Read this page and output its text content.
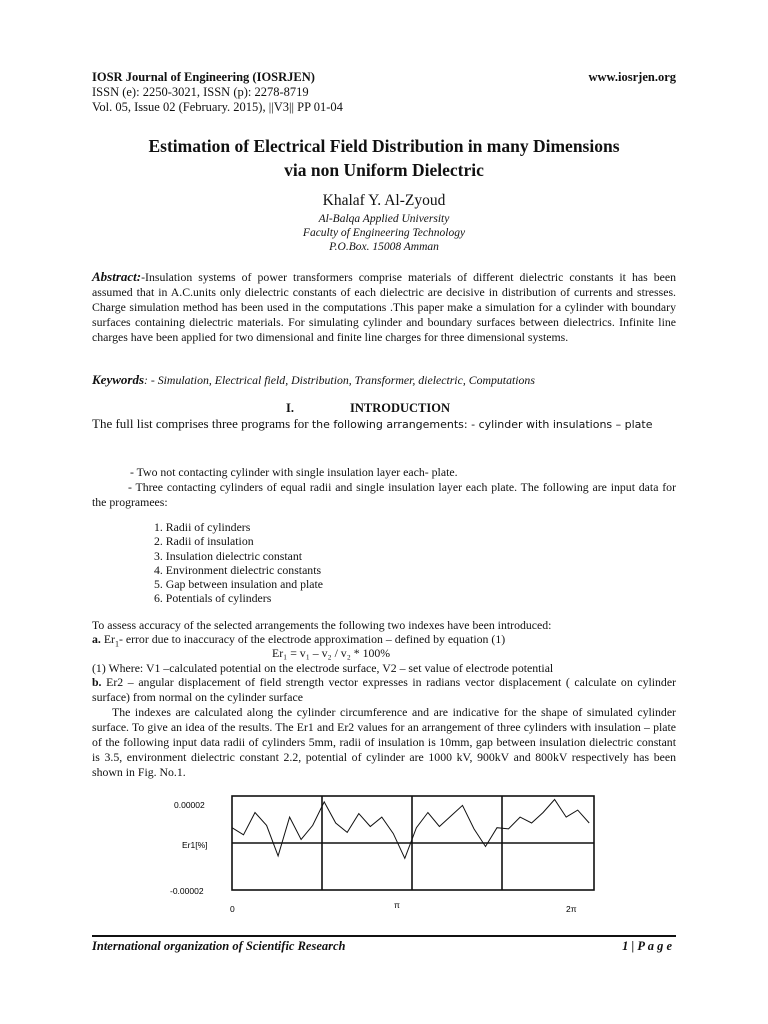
IOSR Journal of Engineering (IOSRJEN)	www.iosrjen.org
ISSN (e): 2250-3021, ISSN (p): 2278-8719
Vol. 05, Issue 02 (February. 2015), ||V3|| PP 01-04
Estimation of Electrical Field Distribution in many Dimensions
via non Uniform Dielectric
Khalaf Y. Al-Zyoud
Al-Balqa Applied University
Faculty of Engineering Technology
P.O.Box. 15008 Amman
Abstract:-Insulation systems of power transformers comprise materials of different dielectric constants it has been assumed that in A.C.units only dielectric constants of each dielectric are decisive in distribution of currents and stresses. Charge simulation method has been used in the computations .This paper make a simulation for a cylinder with boundary surfaces containing dielectric materials. For simulating cylinder and boundary surfaces between dielectrics. Infinite line charges have been applied for two dimensional and finite line charges for three dimensional systems.
Keywords: - Simulation, Electrical field, Distribution, Transformer, dielectric, Computations
I.	INTRODUCTION
The full list comprises three programs for the following arrangements: - cylinder with insulations – plate
- Two not contacting cylinder with single insulation layer each- plate.
- Three contacting cylinders of equal radii and single insulation layer each plate. The following are input data for the programees:
1. Radii of cylinders
2. Radii of insulation
3. Insulation dielectric constant
4. Environment dielectric constants
5. Gap between insulation and plate
6. Potentials of cylinders
To assess accuracy of the selected arrangements the following two indexes have been introduced:
a. $Er_1-$ error due to inaccuracy of the electrode approximation – defined by equation (1)
Er₁ = v₁ – v₂ / v₂ * 100%
(1) Where: V1 –calculated potential on the electrode surface, V2 – set value of electrode potential
b. Er2 – angular displacement of field strength vector expresses in radians vector displacement ( calculate on cylinder surface) from normal on the cylinder surface
The indexes are calculated along the cylinder circumference and are indicative for the shape of simulated cylinder surface. To give an idea of the results. The Er1 and Er2 values for an arrangement of three cylinders with insulation – plate of the following input data radii of cylinders 5mm, radii of insulation is 10mm, gap between insulation dielectric constant is 3.5, environment dielectric constant 2.2, potential of cylinder are 1000 kV, 900kV and 800kV respectively has been shown in Fig. No.1.
0.00002
Er1[%]
-0.00002
0	π	2π
International organization of Scientific Research	1 | P a g e
